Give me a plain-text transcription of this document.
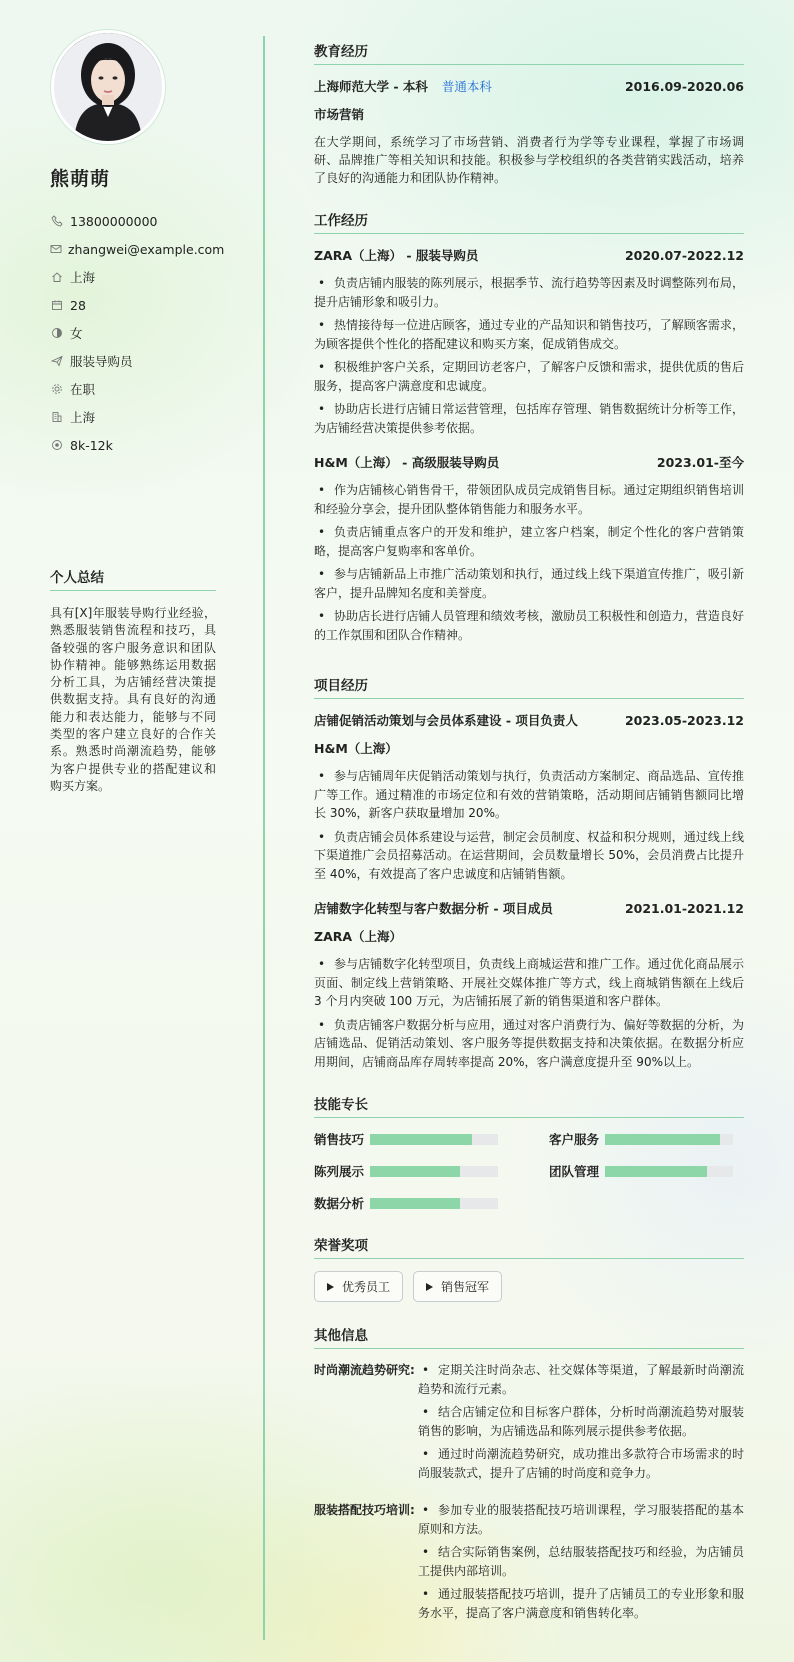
熊萌萌
13800000000
zhangwei@example.com
上海
28
女
服装导购员
在职
上海
8k-12k
个人总结
具有[X]年服装导购行业经验，熟悉服装销售流程和技巧，具备较强的客户服务意识和团队协作精神。能够熟练运用数据分析工具，为店铺经营决策提供数据支持。具有良好的沟通能力和表达能力，能够与不同类型的客户建立良好的合作关系。熟悉时尚潮流趋势，能够为客户提供专业的搭配建议和购买方案。
教育经历
上海师范大学 - 本科 普通本科	2016.09-2020.06
市场营销
在大学期间，系统学习了市场营销、消费者行为学等专业课程，掌握了市场调研、品牌推广等相关知识和技能。积极参与学校组织的各类营销实践活动，培养了良好的沟通能力和团队协作精神。
工作经历
ZARA（上海） - 服装导购员	2020.07-2022.12
• 负责店铺内服装的陈列展示，根据季节、流行趋势等因素及时调整陈列布局，提升店铺形象和吸引力。
• 热情接待每一位进店顾客，通过专业的产品知识和销售技巧，了解顾客需求，为顾客提供个性化的搭配建议和购买方案，促成销售成交。
• 积极维护客户关系，定期回访老客户，了解客户反馈和需求，提供优质的售后服务，提高客户满意度和忠诚度。
• 协助店长进行店铺日常运营管理，包括库存管理、销售数据统计分析等工作，为店铺经营决策提供参考依据。
H&M（上海） - 高级服装导购员	2023.01-至今
• 作为店铺核心销售骨干，带领团队成员完成销售目标。通过定期组织销售培训和经验分享会，提升团队整体销售能力和服务水平。
• 负责店铺重点客户的开发和维护，建立客户档案，制定个性化的客户营销策略，提高客户复购率和客单价。
• 参与店铺新品上市推广活动策划和执行，通过线上线下渠道宣传推广，吸引新客户，提升品牌知名度和美誉度。
• 协助店长进行店铺人员管理和绩效考核，激励员工积极性和创造力，营造良好的工作氛围和团队合作精神。
项目经历
店铺促销活动策划与会员体系建设 - 项目负责人	2023.05-2023.12
H&M（上海）
• 参与店铺周年庆促销活动策划与执行，负责活动方案制定、商品选品、宣传推广等工作。通过精准的市场定位和有效的营销策略，活动期间店铺销售额同比增长 30%，新客户获取量增加 20%。
• 负责店铺会员体系建设与运营，制定会员制度、权益和积分规则，通过线上线下渠道推广会员招募活动。在运营期间，会员数量增长 50%，会员消费占比提升至 40%，有效提高了客户忠诚度和店铺销售额。
店铺数字化转型与客户数据分析 - 项目成员	2021.01-2021.12
ZARA（上海）
• 参与店铺数字化转型项目，负责线上商城运营和推广工作。通过优化商品展示页面、制定线上营销策略、开展社交媒体推广等方式，线上商城销售额在上线后 3 个月内突破 100 万元，为店铺拓展了新的销售渠道和客户群体。
• 负责店铺客户数据分析与应用，通过对客户消费行为、偏好等数据的分析，为店铺选品、促销活动策划、客户服务等提供数据支持和决策依据。在数据分析应用期间，店铺商品库存周转率提高 20%，客户满意度提升至 90%以上。
技能专长
销售技巧	客户服务
陈列展示	团队管理
数据分析
荣誉奖项
优秀员工	销售冠军
其他信息
时尚潮流趋势研究:	• 定期关注时尚杂志、社交媒体等渠道，了解最新时尚潮流趋势和流行元素。
• 结合店铺定位和目标客户群体，分析时尚潮流趋势对服装销售的影响，为店铺选品和陈列展示提供参考依据。
• 通过时尚潮流趋势研究，成功推出多款符合市场需求的时尚服装款式，提升了店铺的时尚度和竞争力。
服装搭配技巧培训:	• 参加专业的服装搭配技巧培训课程，学习服装搭配的基本原则和方法。
• 结合实际销售案例，总结服装搭配技巧和经验，为店铺员工提供内部培训。
• 通过服装搭配技巧培训，提升了店铺员工的专业形象和服务水平，提高了客户满意度和销售转化率。
